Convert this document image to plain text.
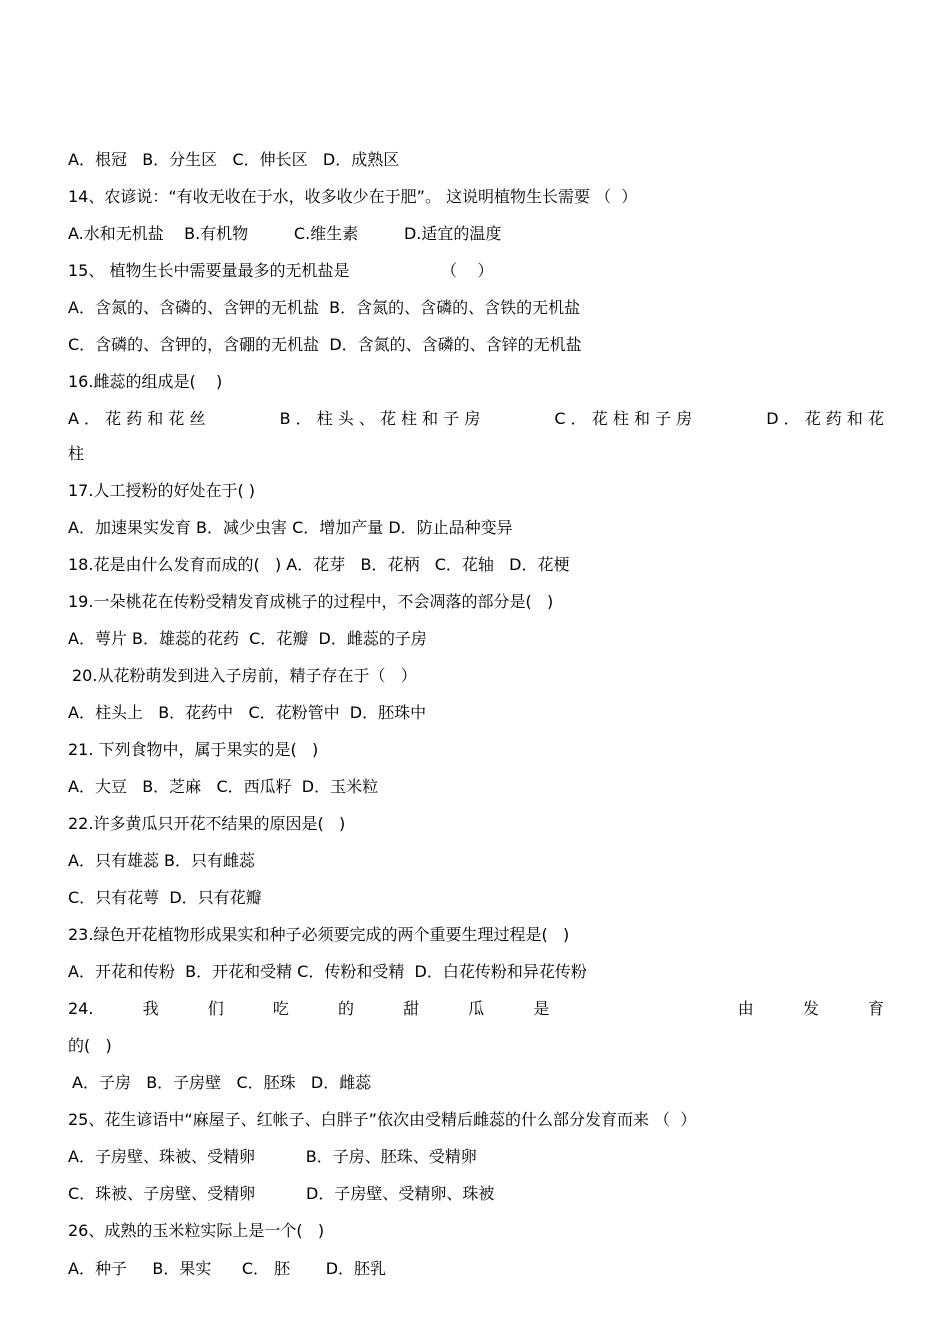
A．根冠   B．分生区   C．伸长区   D．成熟区
14、农谚说：“有收无收在于水，收多收少在于肥”。 这说明植物生长需要 （  ）
A.水和无机盐    B.有机物         C.维生素         D.适宜的温度
15、 植物生长中需要量最多的无机盐是                  （    ）
A．含氮的、含磷的、含钾的无机盐  B．含氮的、含磷的、含铁的无机盐
C．含磷的、含钾的，含硼的无机盐  D．含氮的、含磷的、含锌的无机盐
16.雌蕊的组成是(    )
A ． 花 药 和 花 丝	B ． 柱 头 、 花 柱 和 子 房	C ． 花 柱 和 子 房	D ． 花 药 和 花
柱
17.人工授粉的好处在于( )
A．加速果实发育 B．减少虫害 C．增加产量 D．防止品种变异
18.花是由什么发育而成的(   ) A．花芽   B．花柄   C．花轴   D．花梗
19.一朵桃花在传粉受精发育成桃子的过程中，不会凋落的部分是(   )
A．萼片 B．雄蕊的花药  C．花瓣  D．雌蕊的子房
20.从花粉萌发到进入子房前，精子存在于（   ）
A．柱头上   B．花药中   C．花粉管中  D．胚珠中
21. 下列食物中，属于果实的是(   )
A．大豆   B．芝麻   C．西瓜籽  D．玉米粒
22.许多黄瓜只开花不结果的原因是(   )
A．只有雄蕊 B．只有雌蕊
C．只有花萼  D．只有花瓣
23.绿色开花植物形成果实和种子必须要完成的两个重要生理过程是(   )
A．开花和传粉  B．开花和受精 C．传粉和受精  D．白花传粉和异花传粉
24.	我	们	吃	的	甜	瓜	是	由	发	育
的(   )
A．子房   B．子房壁   C．胚珠   D．雌蕊
25、花生谚语中“麻屋子、红帐子、白胖子”依次由受精后雌蕊的什么部分发育而来 （  ）
A．子房壁、珠被、受精卵          B．子房、胚珠、受精卵
C．珠被、子房壁、受精卵          D．子房壁、受精卵、珠被
26、成熟的玉米粒实际上是一个(   )
A．种子     B．果实      C． 胚       D．胚乳
